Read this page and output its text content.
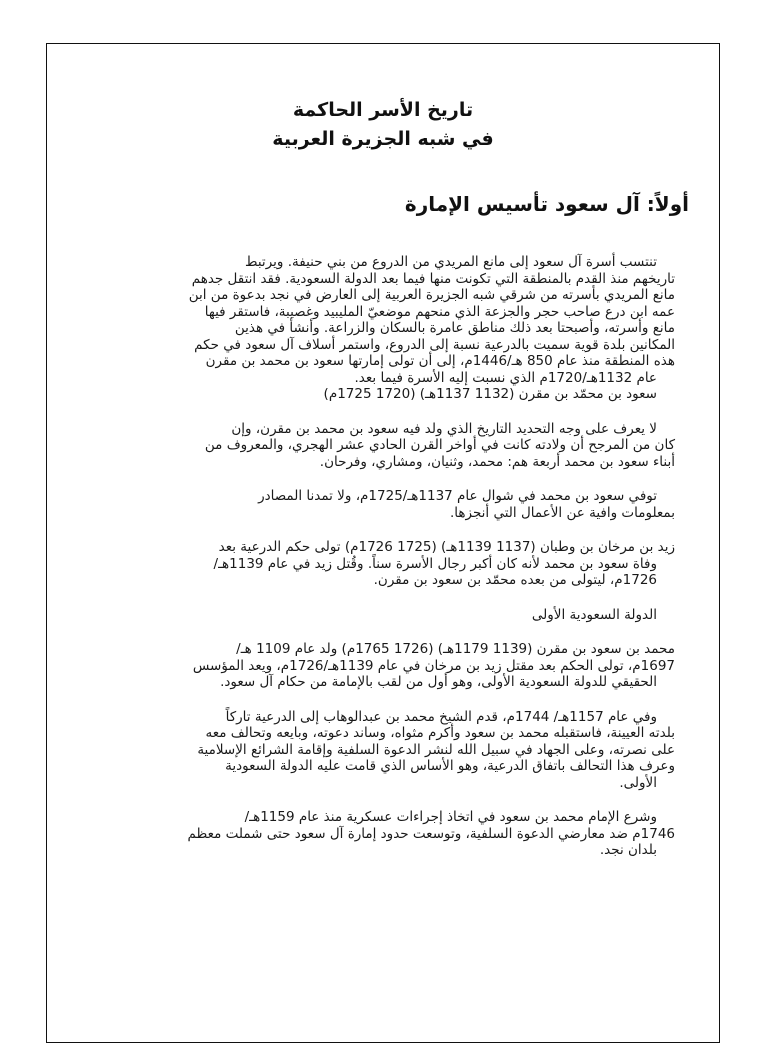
تاريخ الأسر الحاكمة
في شبه الجزيرة العربية
أولاً: آل سعود تأسيس الإمارة
تنتسب أسرة آل سعود إلى مانع المريدي من الدروع من بني حنيفة. ويرتبط
تاريخهم منذ القدم بالمنطقة التي تكونت منها فيما بعد الدولة السعودية. فقد انتقل جدهم
مانع المريدي بأسرته من شرقي شبه الجزيرة العربية إلى العارض في نجد بدعوة من ابن
عمه ابن درع صاحب حجر والجزعة الذي منحهم موضعيّ المليبيد وغصيبة، فاستقر فيها
مانع وأسرته، وأصبحتا بعد ذلك مناطق عامرة بالسكان والزراعة. وأنشأ في هذين
المكانين بلدة قوية سميت بالدرعية نسبة إلى الدروع، واستمر أسلاف آل سعود في حكم
هذه المنطقة منذ عام 850 هـ/1446م، إلى أن تولى إمارتها سعود بن محمد بن مقرن
عام 1132هـ/1720م الذي نسبت إليه الأسرة فيما بعد.
سعود بن محمّد بن مقرن (1132 1137هـ) (1720 1725م)
لا يعرف على وجه التحديد التاريخ الذي ولد فيه سعود بن محمد بن مقرن، وإن
كان من المرجح أن ولادته كانت في أواخر القرن الحادي عشر الهجري، والمعروف من
أبناء سعود بن محمد أربعة هم: محمد، وثنيان، ومشاري، وفرحان.
توفي سعود بن محمد في شوال عام 1137هـ/1725م، ولا تمدنا المصادر
بمعلومات وافية عن الأعمال التي أنجزها.
زيد بن مرخان بن وطبان (1137 1139هـ) (1725 1726م) تولى حكم الدرعية بعد
وفاة سعود بن محمد لأنه كان أكبر رجال الأسرة سناً. وقُتل زيد في عام 1139هـ/
1726م، ليتولى من بعده محمّد بن سعود بن مقرن.
الدولة السعودية الأولى
محمد بن سعود بن مقرن (1139 1179هـ) (1726 1765م) ولد عام 1109 هـ/
1697م، تولى الحكم بعد مقتل زيد بن مرخان في عام 1139هـ/1726م، ويعد المؤسس
الحقيقي للدولة السعودية الأولى، وهو أول من لقب بالإمامة من حكام آل سعود.
وفي عام 1157هـ/ 1744م، قدم الشيخ محمد بن عبدالوهاب إلى الدرعية تاركاً
بلدته العيينة، فاستقبله محمد بن سعود وأكرم مثواه، وساند دعوته، وبايعه وتحالف معه
على نصرته، وعلى الجهاد في سبيل الله لنشر الدعوة السلفية وإقامة الشرائع الإسلامية
وعرف هذا التحالف باتفاق الدرعية، وهو الأساس الذي قامت عليه الدولة السعودية
الأولى.
وشرع الإمام محمد بن سعود في اتخاذ إجراءات عسكرية منذ عام 1159هـ/
1746م ضد معارضي الدعوة السلفية، وتوسعت حدود إمارة آل سعود حتى شملت معظم
بلدان نجد.
